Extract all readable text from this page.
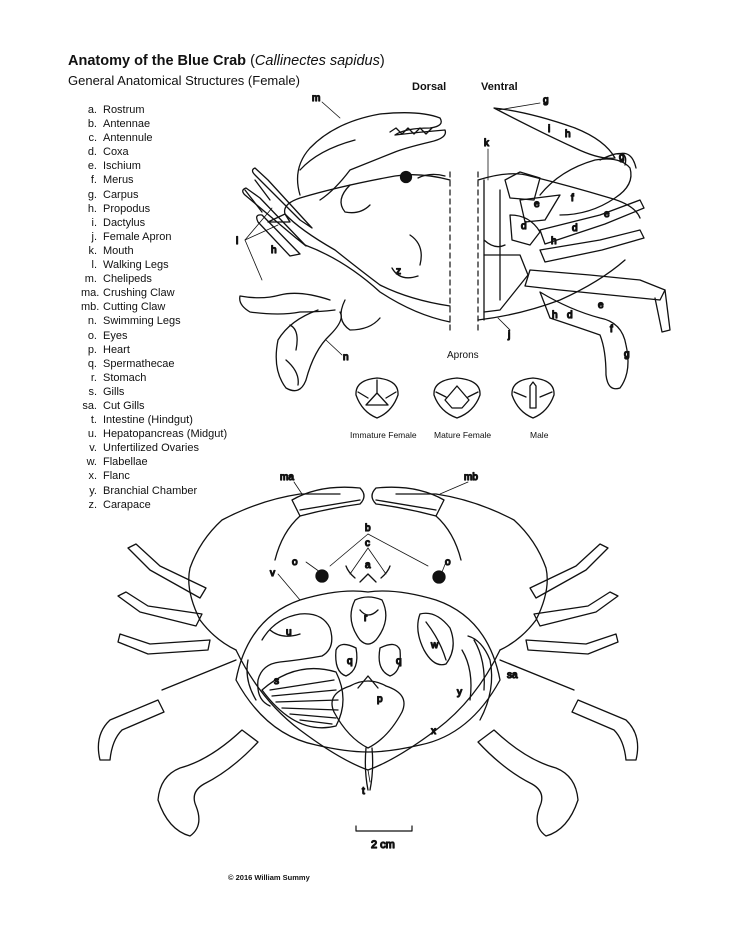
Anatomy of the Blue Crab (Callinectes sapidus)
General Anatomical Structures (Female)
a. Rostrum
b. Antennae
c. Antennule
d. Coxa
e. Ischium
f. Merus
g. Carpus
h. Propodus
i. Dactylus
j. Female Apron
k. Mouth
l. Walking Legs
m. Chelipeds
ma. Crushing Claw
mb. Cutting Claw
n. Swimming Legs
o. Eyes
p. Heart
q. Spermathecae
r. Stomach
s. Gills
sa. Cut Gills
t. Intestine (Hindgut)
u. Hepatopancreas (Midgut)
v. Unfertilized Ovaries
w. Flabellae
x. Flanc
y. Branchial Chamber
z. Carapace
Dorsal	Ventral
m	g
i h
k
g
e
f
e
d	d
h
l
h
z
e
h d
f
j
n	g
ma	mb
b
c
o	o
a
v
r
u
w
q	q
s
sa
p
y
x
t
2 cm
Aprons
Immature Female Mature Female	Male
© 2016 William Summy
